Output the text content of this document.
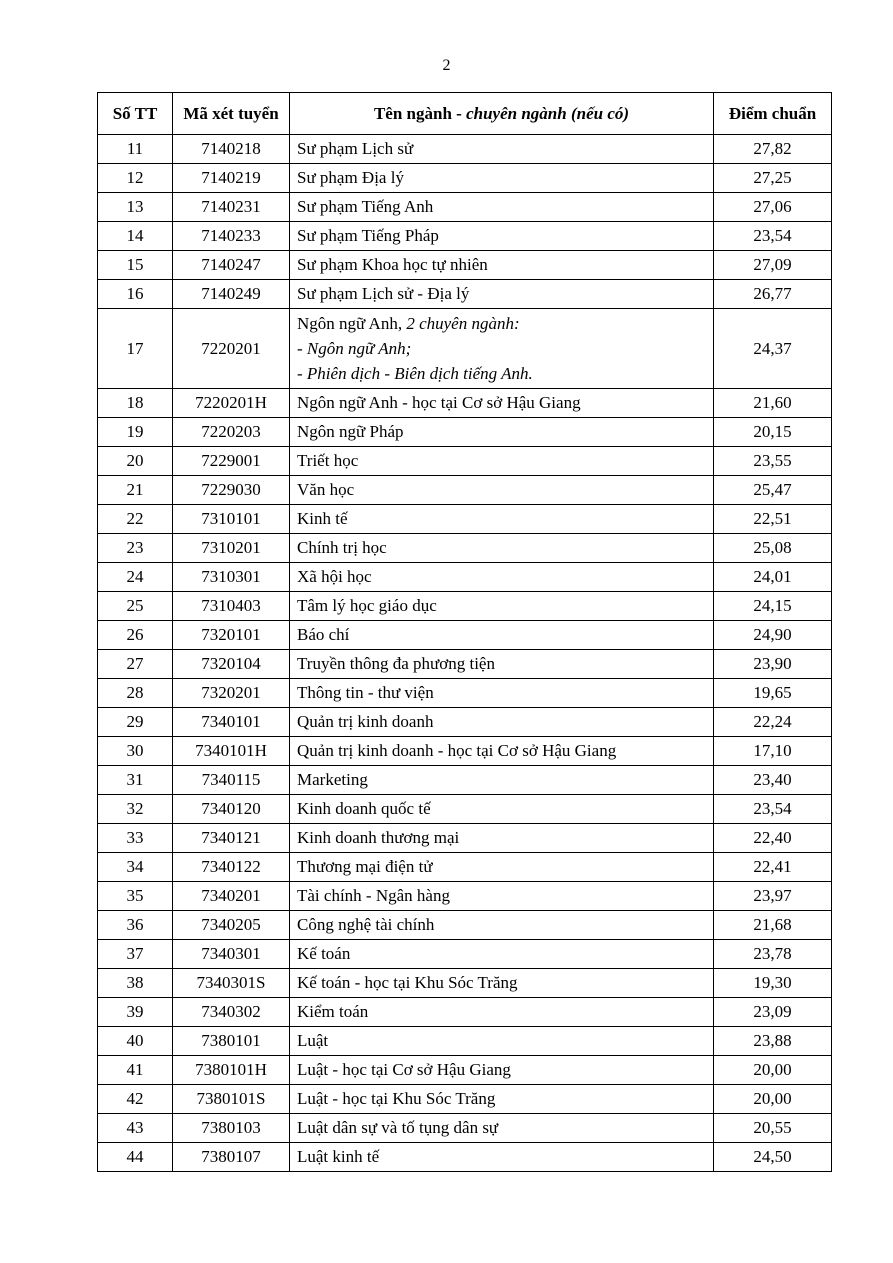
2
Số TT	Mã xét tuyển	Tên ngành - chuyên ngành (nếu có)	Điểm chuẩn
11	7140218	Sư phạm Lịch sử	27,82
12	7140219	Sư phạm Địa lý	27,25
13	7140231	Sư phạm Tiếng Anh	27,06
14	7140233	Sư phạm Tiếng Pháp	23,54
15	7140247	Sư phạm Khoa học tự nhiên	27,09
16	7140249	Sư phạm Lịch sử - Địa lý	26,77
17	7220201	Ngôn ngữ Anh, 2 chuyên ngành:
- Ngôn ngữ Anh;
- Phiên dịch - Biên dịch tiếng Anh.	24,37
18	7220201H	Ngôn ngữ Anh - học tại Cơ sở Hậu Giang	21,60
19	7220203	Ngôn ngữ Pháp	20,15
20	7229001	Triết học	23,55
21	7229030	Văn học	25,47
22	7310101	Kinh tế	22,51
23	7310201	Chính trị học	25,08
24	7310301	Xã hội học	24,01
25	7310403	Tâm lý học giáo dục	24,15
26	7320101	Báo chí	24,90
27	7320104	Truyền thông đa phương tiện	23,90
28	7320201	Thông tin - thư viện	19,65
29	7340101	Quản trị kinh doanh	22,24
30	7340101H	Quản trị kinh doanh - học tại Cơ sở Hậu Giang	17,10
31	7340115	Marketing	23,40
32	7340120	Kinh doanh quốc tế	23,54
33	7340121	Kinh doanh thương mại	22,40
34	7340122	Thương mại điện tử	22,41
35	7340201	Tài chính - Ngân hàng	23,97
36	7340205	Công nghệ tài chính	21,68
37	7340301	Kế toán	23,78
38	7340301S	Kế toán - học tại Khu Sóc Trăng	19,30
39	7340302	Kiểm toán	23,09
40	7380101	Luật	23,88
41	7380101H	Luật - học tại Cơ sở Hậu Giang	20,00
42	7380101S	Luật - học tại Khu Sóc Trăng	20,00
43	7380103	Luật dân sự và tố tụng dân sự	20,55
44	7380107	Luật kinh tế	24,50
